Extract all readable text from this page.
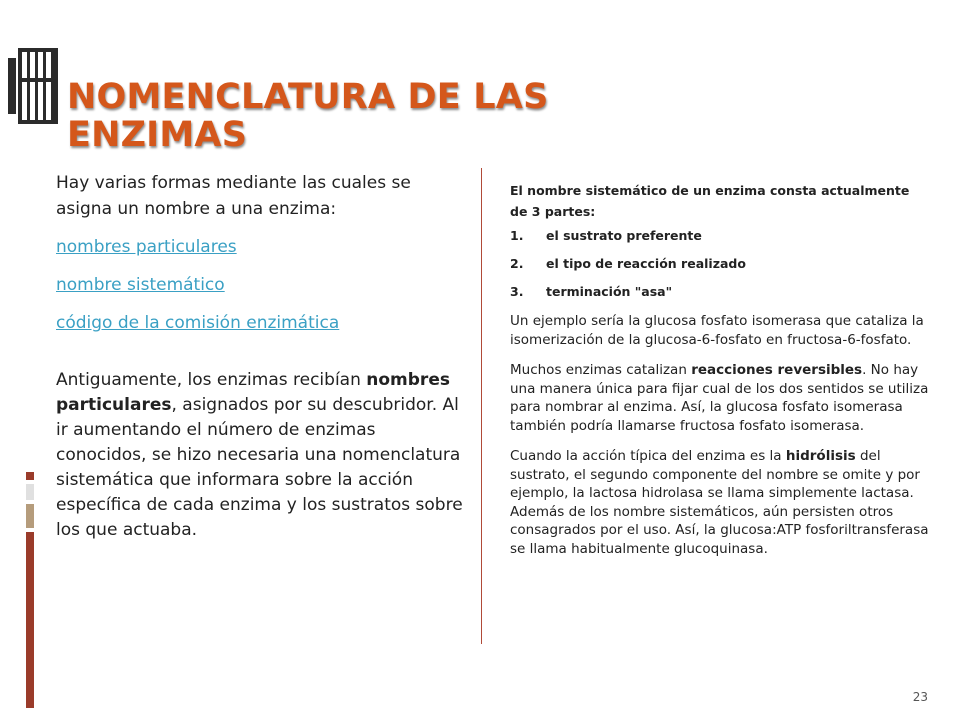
NOMENCLATURA DE LAS
ENZIMAS

Hay varias formas mediante las cuales se asigna un nombre a una enzima:

nombres particulares
nombre sistemático
código de la comisión enzimática

Antiguamente, los enzimas recibían nombres particulares, asignados por su descubridor. Al ir aumentando el número de enzimas conocidos, se hizo necesaria una nomenclatura sistemática que informara sobre la acción específica de cada enzima y los sustratos sobre los que actuaba.

El nombre sistemático de un enzima consta actualmente de 3 partes:

1.	el sustrato preferente
2.	el tipo de reacción realizado
3.	terminación "asa"

Un ejemplo sería la glucosa fosfato isomerasa que cataliza la isomerización de la glucosa-6-fosfato en fructosa-6-fosfato.

Muchos enzimas catalizan reacciones reversibles. No hay una manera única para fijar cual de los dos sentidos se utiliza para nombrar al enzima. Así, la glucosa fosfato isomerasa también podría llamarse fructosa fosfato isomerasa.

Cuando la acción típica del enzima es la hidrólisis del sustrato, el segundo componente del nombre se omite y por ejemplo, la lactosa hidrolasa se llama simplemente lactasa. Además de los nombre sistemáticos, aún persisten otros consagrados por el uso. Así, la glucosa:ATP fosforiltransferasa se llama habitualmente glucoquinasa.

23
